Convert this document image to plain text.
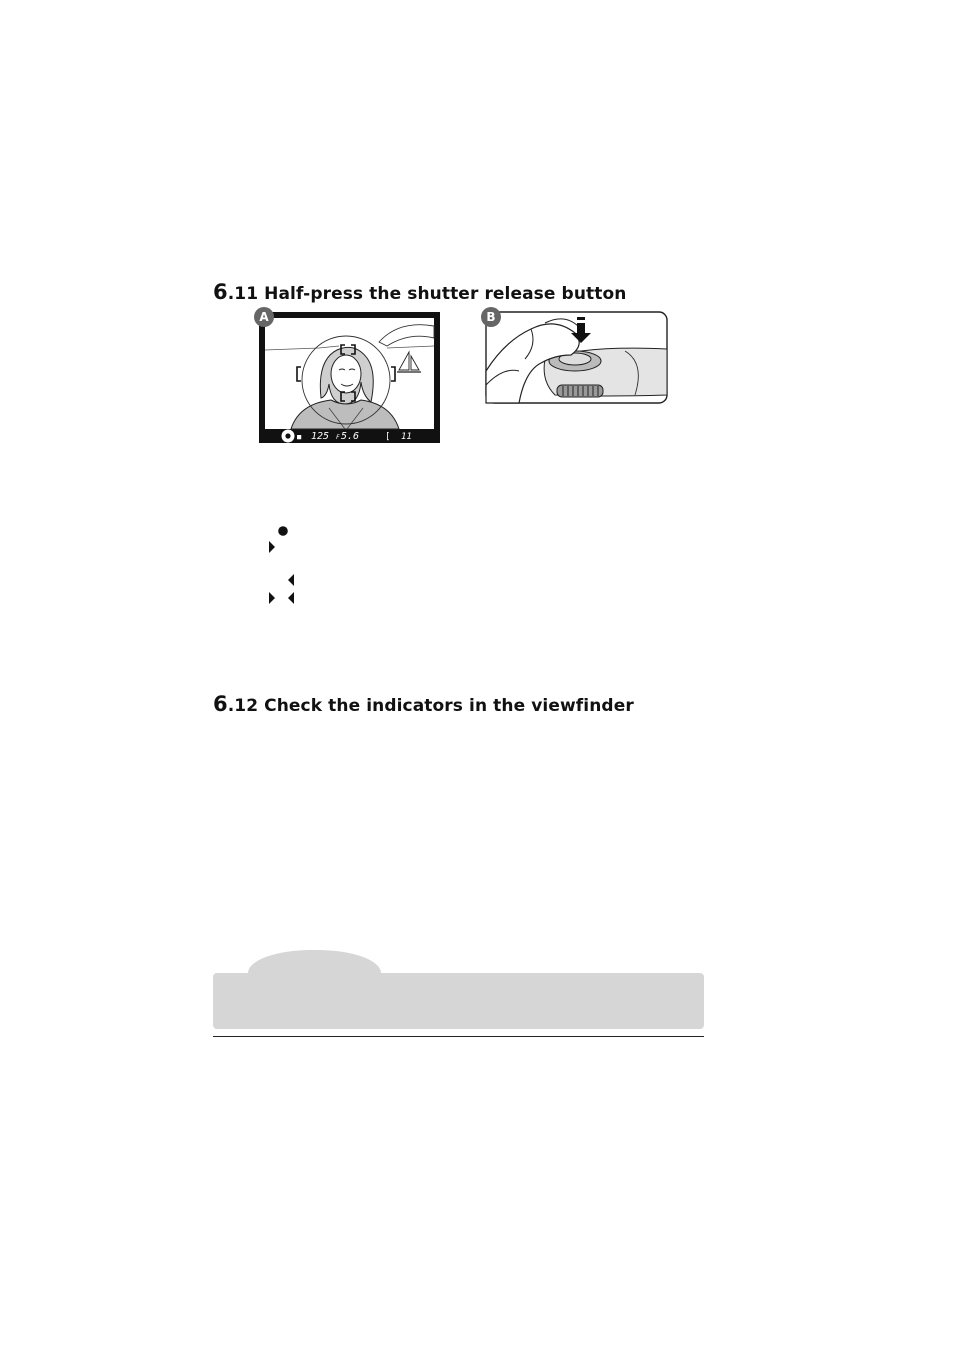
6.11 Half-press the shutter release button
■ 125 F 5.6	[ 11
A	B
6.12 Check the indicators in the viewfinder
